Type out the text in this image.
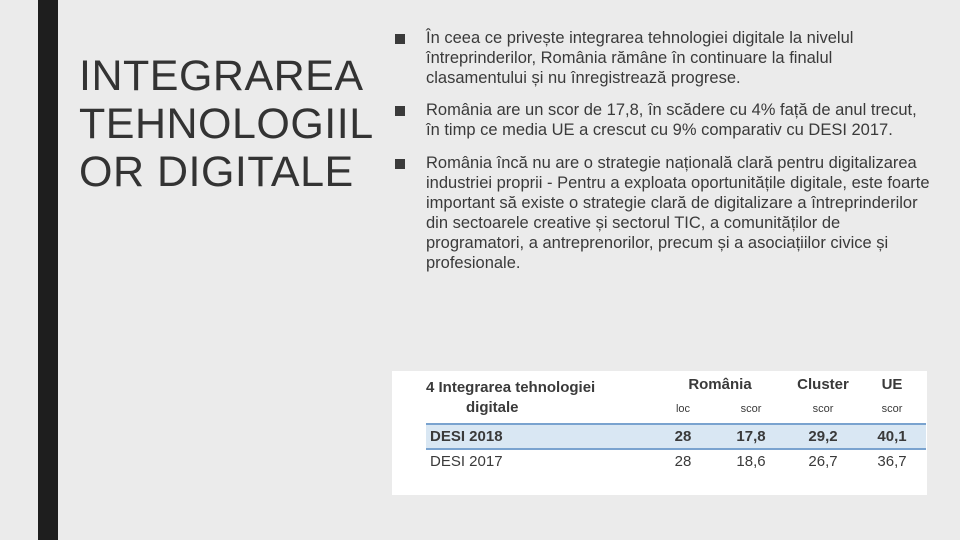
INTEGRAREA
TEHNOLOGIIL
OR DIGITALE
În ceea ce privește integrarea tehnologiei digitale la nivelul întreprinderilor, România rămâne în continuare la finalul clasamentului și nu înregistrează progrese.
România are un scor de 17,8, în scădere cu 4% față de anul trecut, în timp ce media UE a crescut cu 9% comparativ cu DESI 2017.
România încă nu are o strategie națională clară pentru digitalizarea industriei proprii - Pentru a exploata oportunitățile digitale, este foarte important să existe o strategie clară de digitalizare a întreprinderilor din sectoarele creative și sectorul TIC, a comunităților de programatori, a antreprenorilor, precum și a asociațiilor civice și profesionale.
4 Integrarea tehnologiei
digitale	România		Cluster	UE
	loc	scor	scor	scor
DESI 2018	28	17,8	29,2	40,1
DESI 2017	28	18,6	26,7	36,7
